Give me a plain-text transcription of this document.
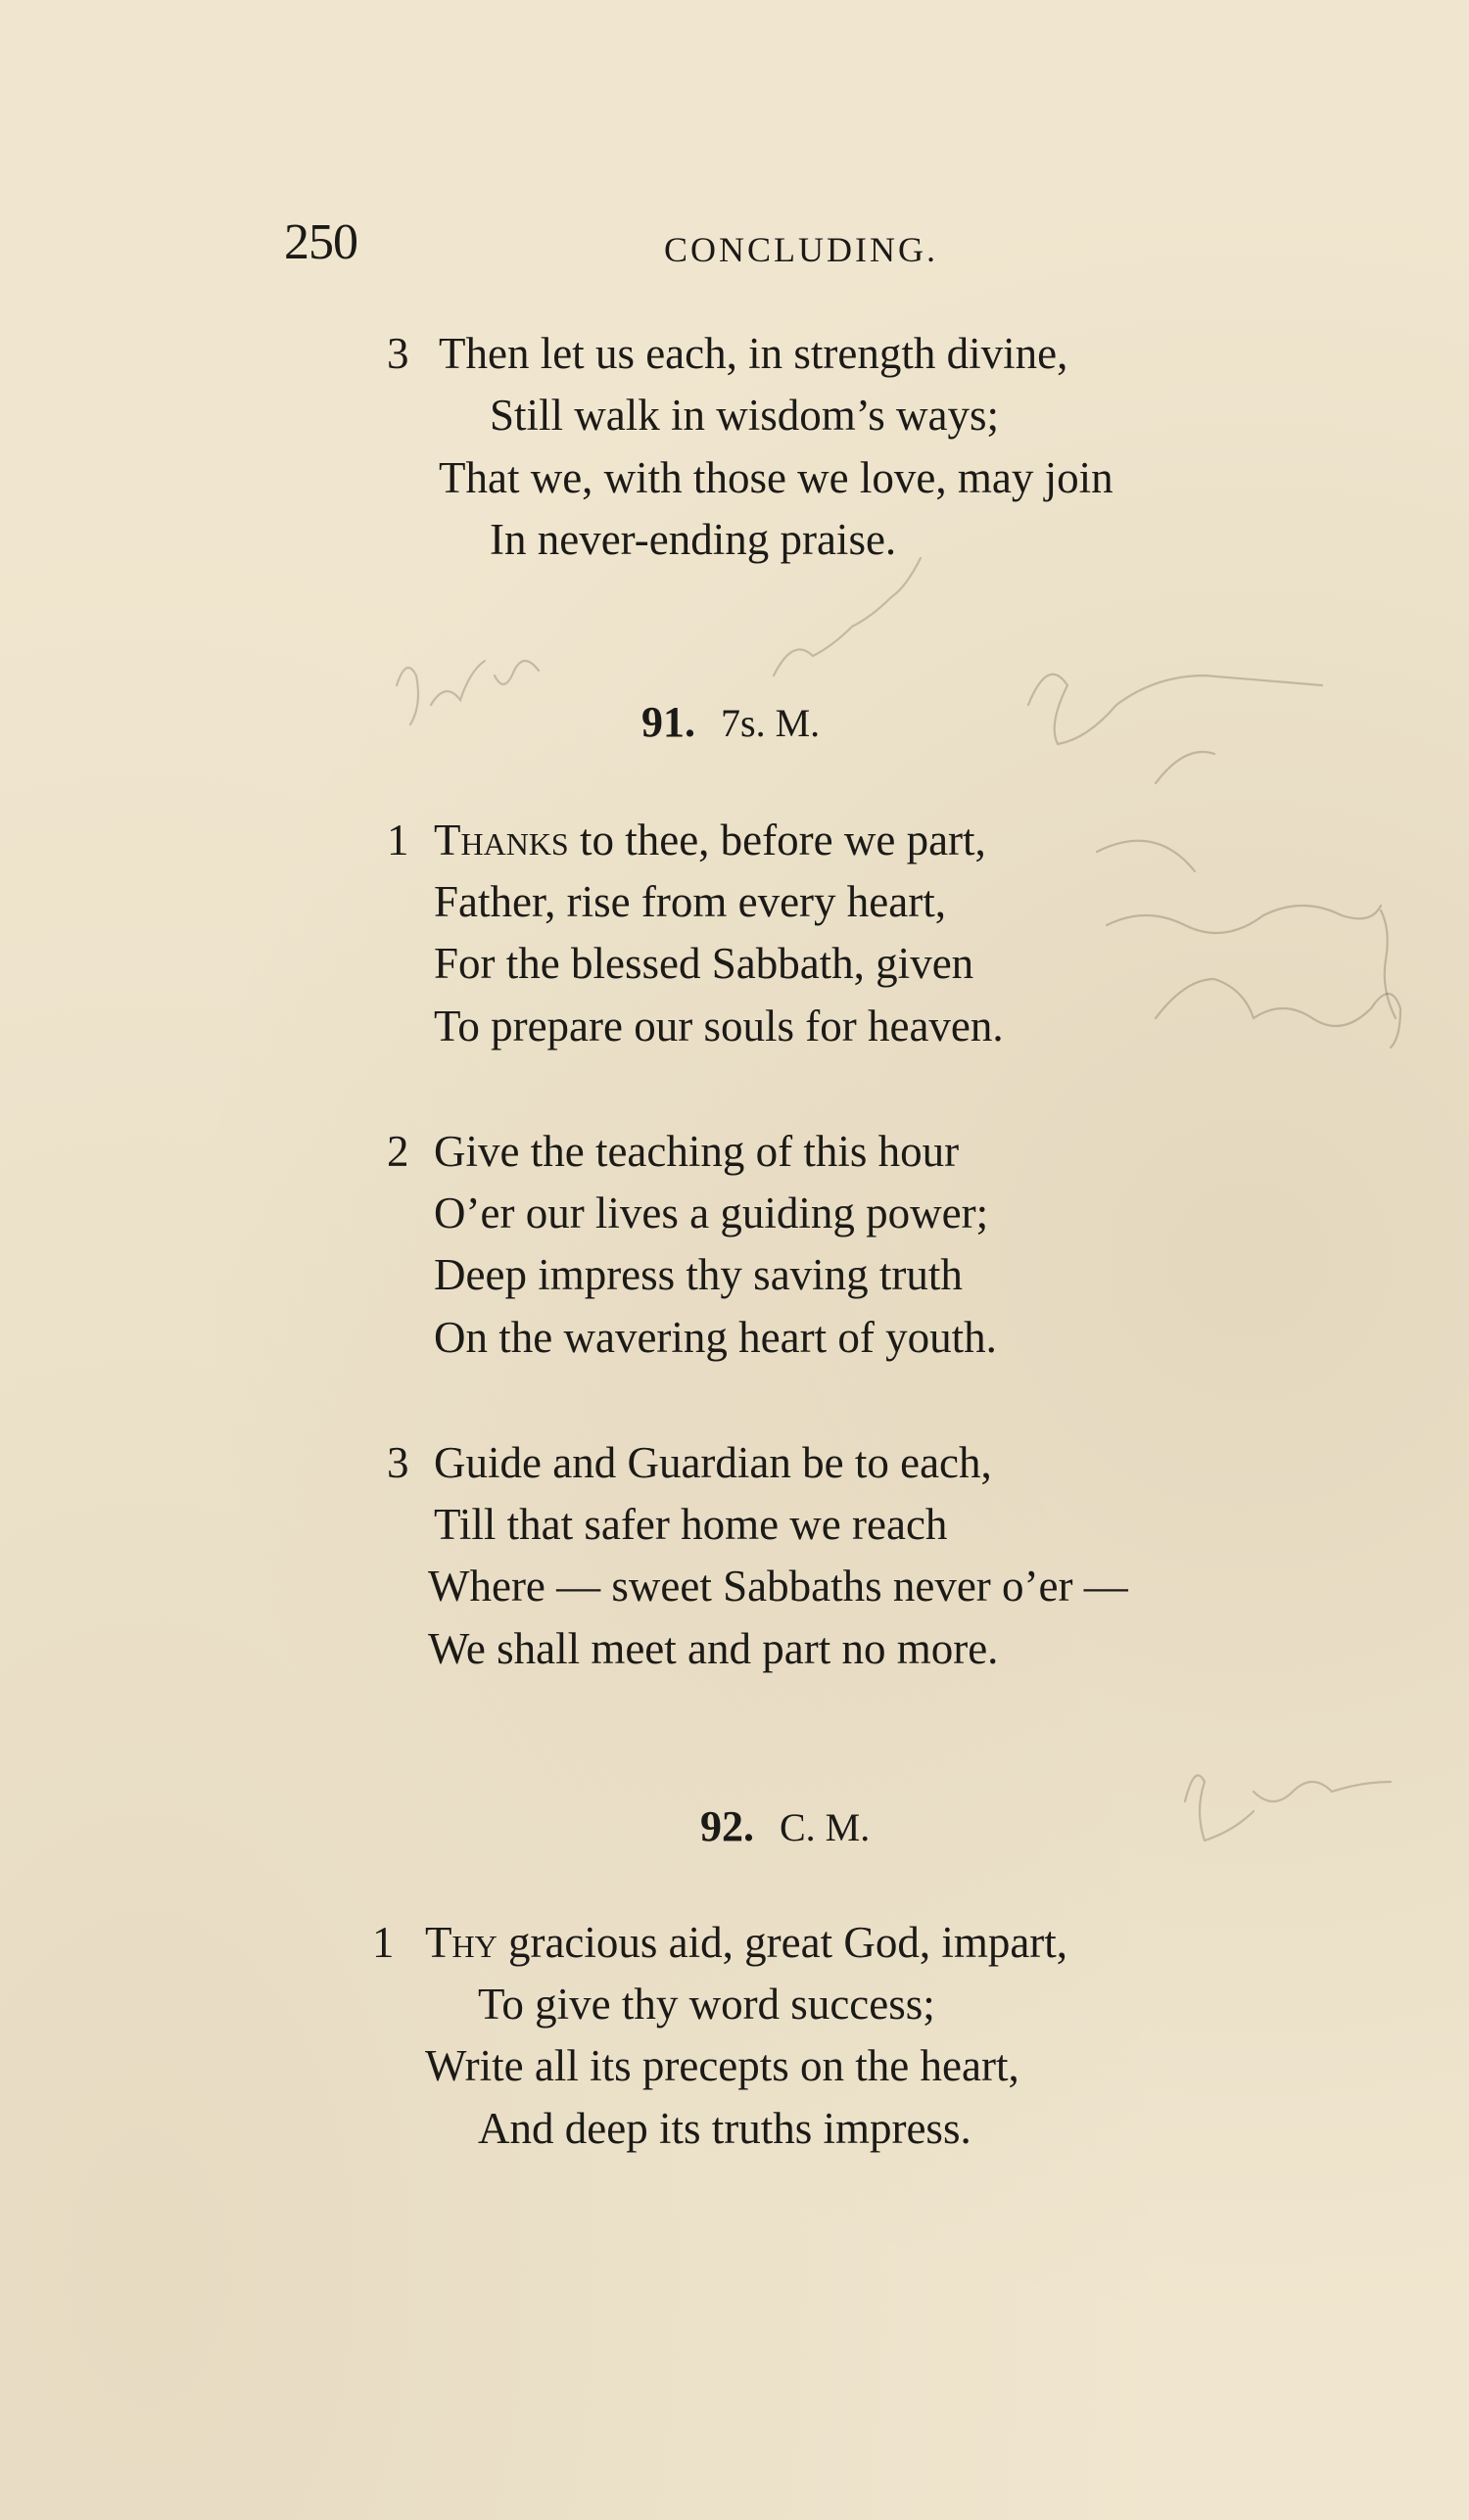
250	CONCLUDING.
3 Then let us each, in strength divine,
Still walk in wisdom’s ways;
That we, with those we love, may join
In never-ending praise.
91. 7s. M.
1 Thanks to thee, before we part,
Father, rise from every heart,
For the blessed Sabbath, given
To prepare our souls for heaven.
2 Give the teaching of this hour
O’er our lives a guiding power;
Deep impress thy saving truth
On the wavering heart of youth.
3 Guide and Guardian be to each,
Till that safer home we reach
Where — sweet Sabbaths never o’er —
We shall meet and part no more.
92. C. M.
1 Thy gracious aid, great God, impart,
To give thy word success;
Write all its precepts on the heart,
And deep its truths impress.
